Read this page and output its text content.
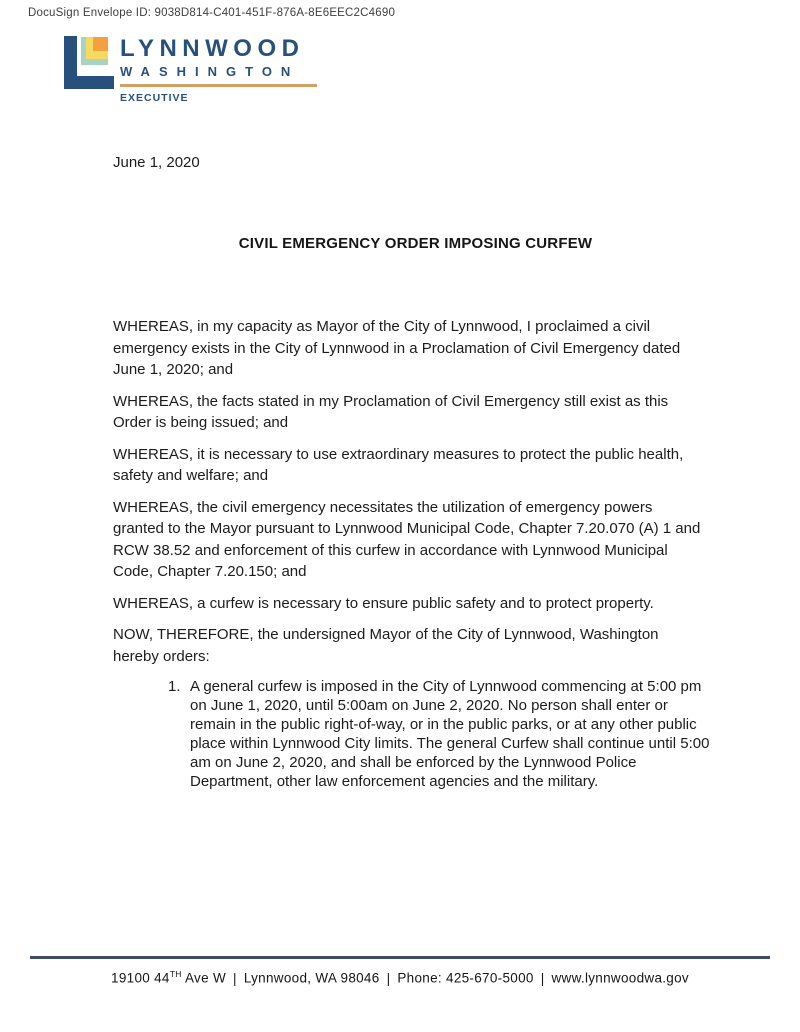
DocuSign Envelope ID: 9038D814-C401-451F-876A-8E6EEC2C4690
LYNNWOOD
WASHINGTON
EXECUTIVE
June 1, 2020
CIVIL EMERGENCY ORDER IMPOSING CURFEW

WHEREAS, in my capacity as Mayor of the City of Lynnwood, I proclaimed a civil emergency exists in the City of Lynnwood in a Proclamation of Civil Emergency dated June 1, 2020; and

WHEREAS, the facts stated in my Proclamation of Civil Emergency still exist as this Order is being issued; and

WHEREAS, it is necessary to use extraordinary measures to protect the public health, safety and welfare; and

WHEREAS, the civil emergency necessitates the utilization of emergency powers granted to the Mayor pursuant to Lynnwood Municipal Code, Chapter 7.20.070 (A) 1 and RCW 38.52 and enforcement of this curfew in accordance with Lynnwood Municipal Code, Chapter 7.20.150; and

WHEREAS, a curfew is necessary to ensure public safety and to protect property.

NOW, THEREFORE, the undersigned Mayor of the City of Lynnwood, Washington hereby orders:

1. A general curfew is imposed in the City of Lynnwood commencing at 5:00 pm on June 1, 2020, until 5:00am on June 2, 2020. No person shall enter or remain in the public right-of-way, or in the public parks, or at any other public place within Lynnwood City limits. The general Curfew shall continue until 5:00 am on June 2, 2020, and shall be enforced by the Lynnwood Police Department, other law enforcement agencies and the military.
19100 44TH Ave W | Lynnwood, WA 98046 | Phone: 425-670-5000 | www.lynnwoodwa.gov
